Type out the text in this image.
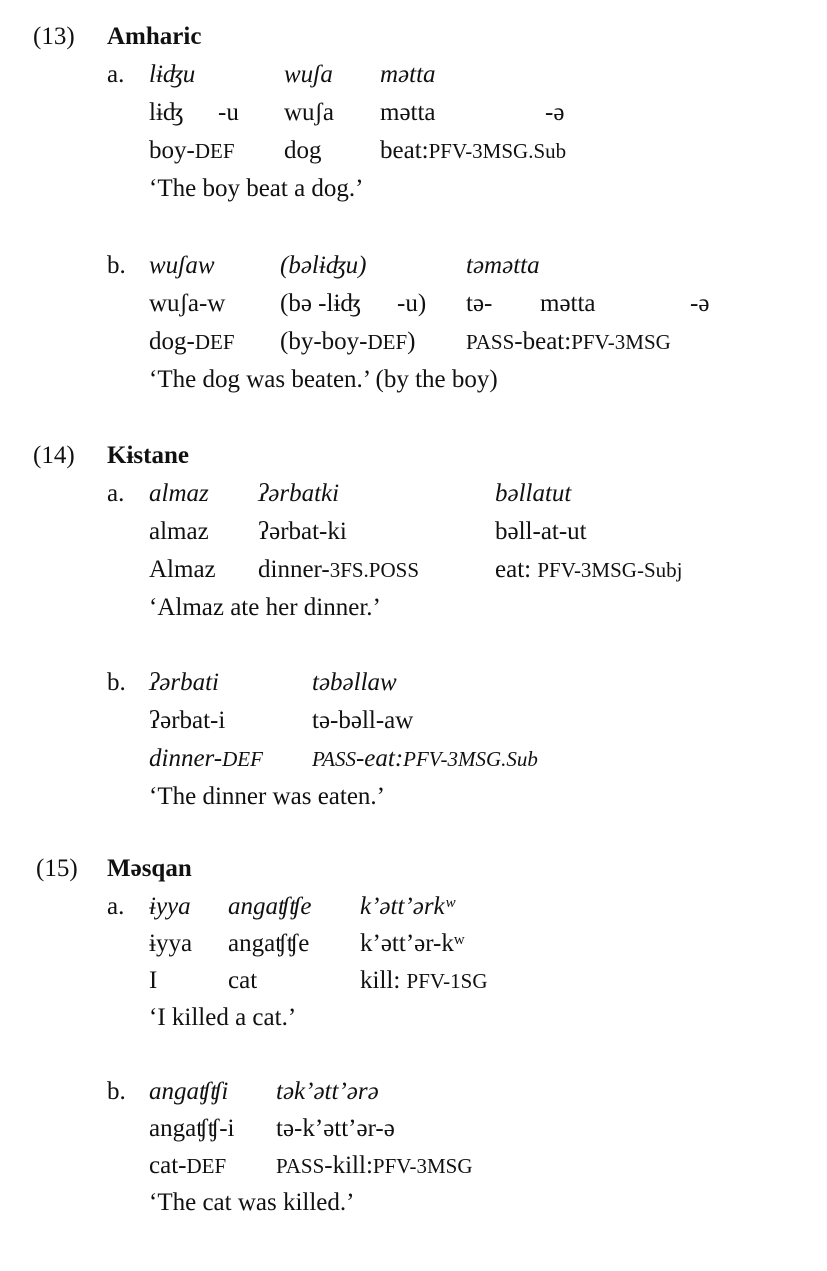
(13) Amharic
a. lɨʤu	wuʃa mətta
lɨʤ -u wuʃa mətta	-ə
boy-DEF dog beat:PFV-3MSG.Sub
‘The boy beat a dog.’
b. wuʃaw	(bəlɨʤu)	təmətta
wuʃa-w (bə -lɨʤ -u) tə- mətta	-ə
dog-DEF (by-boy-DEF) PASS-beat:PFV-3MSG
‘The dog was beaten.’ (by the boy)
(14) Kɨstane
a. almaz ʔərbatki	bəllatut
almaz ʔərbat-ki	bəll-at-ut
Almaz dinner-3FS.POSS	eat: PFV-3MSG-Subj
‘Almaz ate her dinner.’
b. ʔərbati	təbəllaw
ʔərbat-i	tə-bəll-aw
dinner-DEF PASS-eat:PFV-3MSG.Sub
‘The dinner was eaten.’
(15) Məsqan
a. ɨyya angaʧʧe k’ətt’ərkʷ
ɨyya angaʧʧe k’ətt’ər-kʷ
I	cat	kill: PFV-1SG
‘I killed a cat.’
b. angaʧʧi tək’ətt’ərə
angaʧʧ-i tə-k’ətt’ər-ə
cat-DEF PASS-kill:PFV-3MSG
‘The cat was killed.’
